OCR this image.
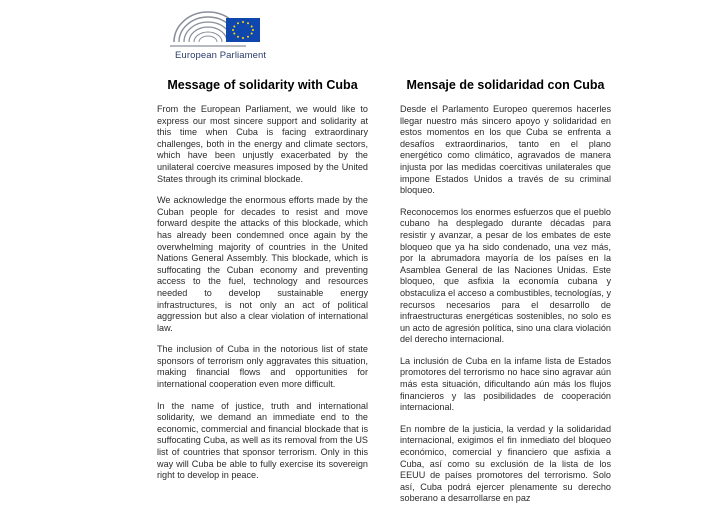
European Parliament
Message of solidarity with Cuba

From the European Parliament, we would like to express our most sincere support and solidarity at this time when Cuba is facing extraordinary challenges, both in the energy and climate sectors, which have been unjustly exacerbated by the unilateral coercive measures imposed by the United States through its criminal blockade.

We acknowledge the enormous efforts made by the Cuban people for decades to resist and move forward despite the attacks of this blockade, which has already been condemned once again by the overwhelming majority of countries in the United Nations General Assembly. This blockade, which is suffocating the Cuban economy and preventing access to the fuel, technology and resources needed to develop sustainable energy infrastructures, is not only an act of political aggression but also a clear violation of international law.

The inclusion of Cuba in the notorious list of state sponsors of terrorism only aggravates this situation, making financial flows and opportunities for international cooperation even more difficult.

In the name of justice, truth and international solidarity, we demand an immediate end to the economic, commercial and financial blockade that is suffocating Cuba, as well as its removal from the US list of countries that sponsor terrorism. Only in this way will Cuba be able to fully exercise its sovereign right to develop in peace.

Mensaje de solidaridad con Cuba

Desde el Parlamento Europeo queremos hacerles llegar nuestro más sincero apoyo y solidaridad en estos momentos en los que Cuba se enfrenta a desafíos extraordinarios, tanto en el plano energético como climático, agravados de manera injusta por las medidas coercitivas unilaterales que impone Estados Unidos a través de su criminal bloqueo.

Reconocemos los enormes esfuerzos que el pueblo cubano ha desplegado durante décadas para resistir y avanzar, a pesar de los embates de este bloqueo que ya ha sido condenado, una vez más, por la abrumadora mayoría de los países en la Asamblea General de las Naciones Unidas. Este bloqueo, que asfixia la economía cubana y obstaculiza el acceso a combustibles, tecnologías, y recursos necesarios para el desarrollo de infraestructuras energéticas sostenibles, no solo es un acto de agresión política, sino una clara violación del derecho internacional.

La inclusión de Cuba en la infame lista de Estados promotores del terrorismo no hace sino agravar aún más esta situación, dificultando aún más los flujos financieros y las posibilidades de cooperación internacional.

En nombre de la justicia, la verdad y la solidaridad internacional, exigimos el fin inmediato del bloqueo económico, comercial y financiero que asfixia a Cuba, así como su exclusión de la lista de los EEUU de países promotores del terrorismo. Solo así, Cuba podrá ejercer plenamente su derecho soberano a desarrollarse en paz
